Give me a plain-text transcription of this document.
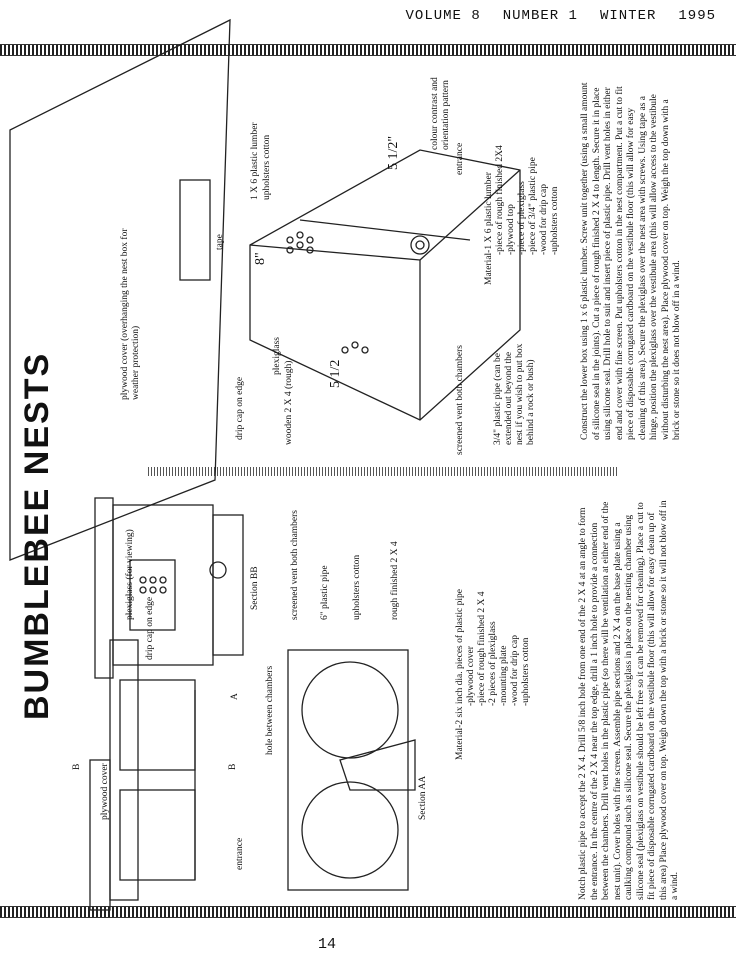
VOLUME 8 NUMBER 1 WINTER 1995
14
BUMBLEBEE NESTS
plywood cover
entrance
B	B
hole between chambers
drip cap on edge
plexiglass (for viewing)	Section BB	screened vent both chambers
A
6" plastic pipe upholsters cotton	rough finished 2 X 4
Section AA
Material-2 six inch dia. pieces of plastic pipe -plywood cover -piece of rough finished 2 X 4 -2 pieces of plexiglass -mounting plate -wood for drip cap -upholsters cotton	Notch plastic pipe to accept the 2 X 4. Drill 5/8 inch hole from one end of the 2 X 4 at an angle to form the entrance. In the centre of the 2 X 4 near the top edge, drill a 1 inch hole to provide a connection between the chambers. Drill vent holes in the plastic pipe (so there will be ventilation at either end of the nest unit). Cover holes with fine screen. Assemble pipe sections and 2 X 4 on the base plate using a caulking compound such as silicone seal. Secure the plexiglass in place on the nesting chamber using silicone seal (plexiglass on vestibule should be left free so it can be removed for cleaning). Place a cut to fit piece of disposable corrugated cardboard on the vestibule floor (this will allow for easy clean up of this area) Place plywood cover on top. Weigh down the top with a brick or stone so it will not blow off in a wind.
plywood cover (overhanging the nest box for weather protection)
tape
1 X 6 plastic lumber upholsters cotton
colour contrast and orientation pattern
entrance
drip cap on edge
plexiglass
wooden 2 X 4 (rough)	screened vent both chambers	3/4" plastic pipe (can be extended out beyond the nest if you wish to put box behind a rock or bush)
5 1/2"
8"
5 1/2
Material-1 X 6 plastic lumber -piece of rough finished 2X4 -plywood top -piece of plexiglass -piece of 3/4" plastic pipe -wood for drip cap -upholsters cotton Construct the lower box using 1 x 6 plastic lumber. Screw unit together (using a small amount of silicone seal in the joints). Cut a piece of rough finished 2 X 4 to length. Secure it in place using silicone seal. Drill hole to suit and insert piece of plastic pipe. Drill vent holes in either end and cover with fine screen. Put upholsters cotton in the nest compartment. Put a cut to fit piece of disposable corrugated cardboard on the vestibule floor (this will allow for easy cleaning of this area). Secure the plexiglass over the nest area with screws. Using tape as a hinge, position the plexiglass over the vestibule area (this will allow access to the vestibule without disturbing the nest area). Place plywood cover on top. Weigh the top down with a brick or stone so it does not blow off in a wind.
